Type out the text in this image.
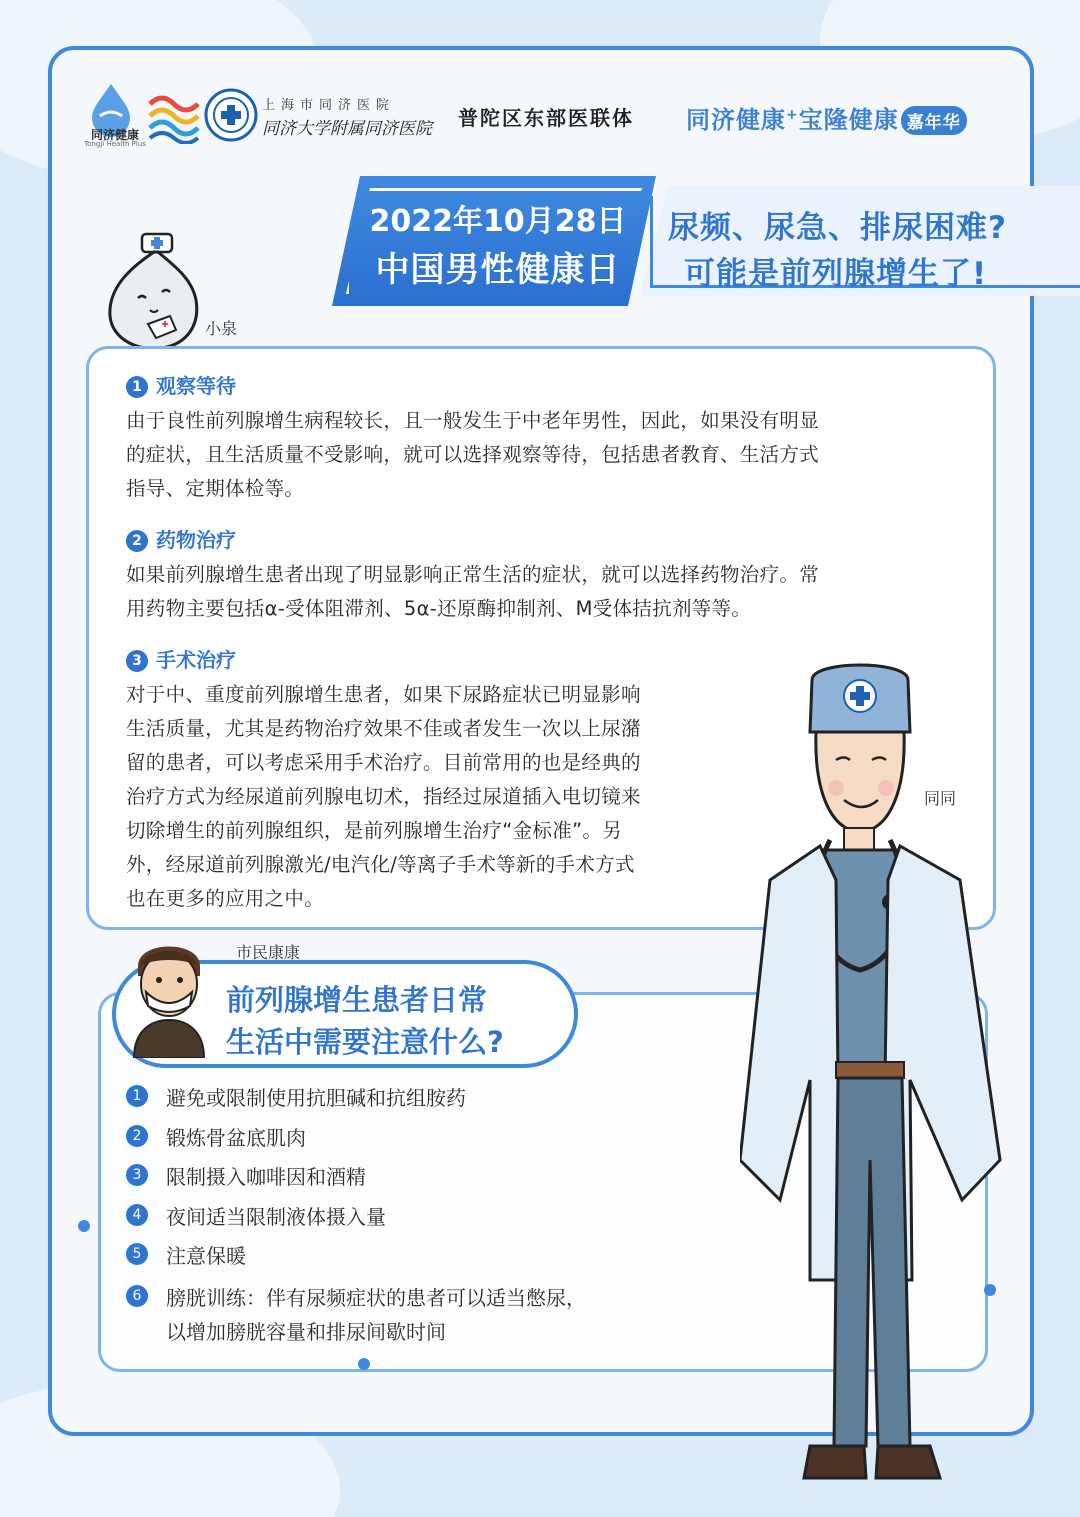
同济健康
Tongji Health Plus
上海市同济医院
同济大学附属同济医院 普陀区东部医联体 同济健康+宝隆健康 嘉年华
2022年10月28日
中国男性健康日
尿频、尿急、排尿困难?
可能是前列腺增生了!
小泉
1 观察等待
由于良性前列腺增生病程较长，且一般发生于中老年男性，因此，如果没有明显
的症状，且生活质量不受影响，就可以选择观察等待，包括患者教育、生活方式
指导、定期体检等。
2 药物治疗
如果前列腺增生患者出现了明显影响正常生活的症状，就可以选择药物治疗。常
用药物主要包括α-受体阻滞剂、5α-还原酶抑制剂、M受体拮抗剂等等。
3 手术治疗
对于中、重度前列腺增生患者，如果下尿路症状已明显影响
生活质量，尤其是药物治疗效果不佳或者发生一次以上尿潴
留的患者，可以考虑采用手术治疗。目前常用的也是经典的
治疗方式为经尿道前列腺电切术，指经过尿道插入电切镜来
切除增生的前列腺组织，是前列腺增生治疗“金标准”。另
外，经尿道前列腺激光/电汽化/等离子手术等新的手术方式
也在更多的应用之中。
前列腺增生患者日常
生活中需要注意什么?
市民康康
1	避免或限制使用抗胆碱和抗组胺药
2	锻炼骨盆底肌肉
3	限制摄入咖啡因和酒精
4	夜间适当限制液体摄入量
5	注意保暖
6	膀胱训练：伴有尿频症状的患者可以适当憋尿，
以增加膀胱容量和排尿间歇时间
同同
